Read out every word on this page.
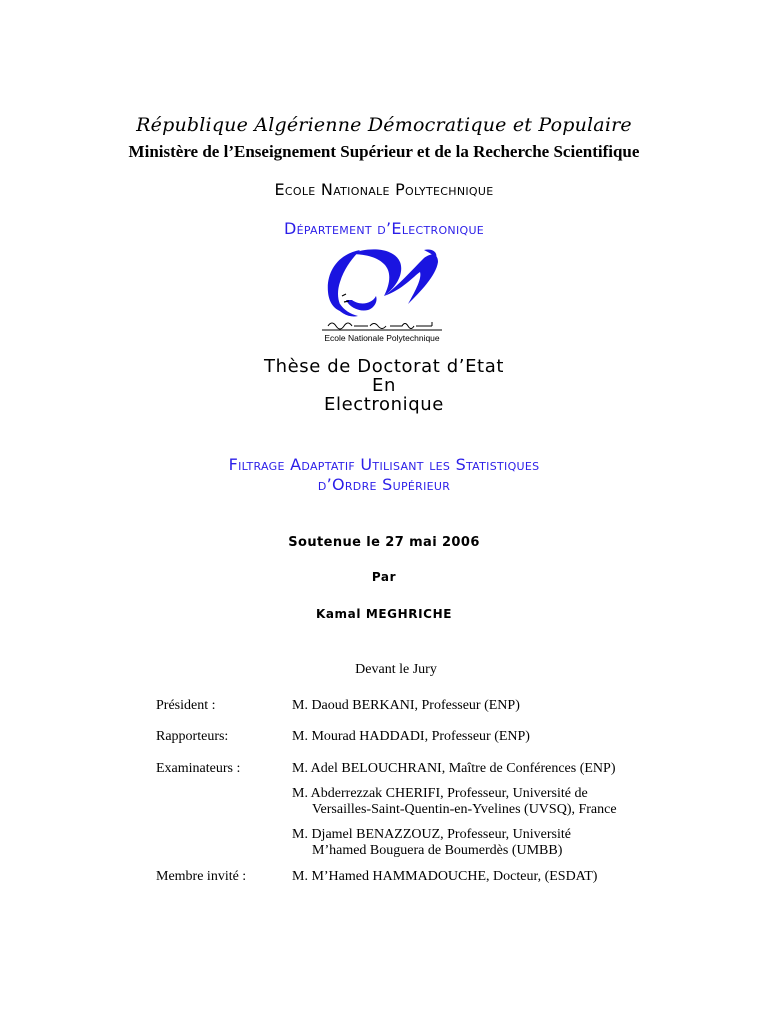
République Algérienne Démocratique et Populaire
Ministère de l’Enseignement Supérieur et de la Recherche Scientifique
Ecole Nationale Polytechnique
Département d’Electronique
Ecole Nationale Polytechnique
Thèse de Doctorat d’Etat
En
Electronique
Filtrage Adaptatif Utilisant les Statistiques
d’Ordre Supérieur
Soutenue le 27 mai 2006
Par
Kamal MEGHRICHE
Devant le Jury
Président :	M. Daoud BERKANI, Professeur (ENP)
Rapporteurs:	M. Mourad HADDADI, Professeur (ENP)
Examinateurs :	M. Adel BELOUCHRANI, Maître de Conférences (ENP)
M. Abderrezzak CHERIFI, Professeur, Université de
Versailles-Saint-Quentin-en-Yvelines (UVSQ), France
M. Djamel BENAZZOUZ, Professeur, Université
M’hamed Bouguera de Boumerdès (UMBB)
Membre invité :	M. M’Hamed HAMMADOUCHE, Docteur, (ESDAT)
